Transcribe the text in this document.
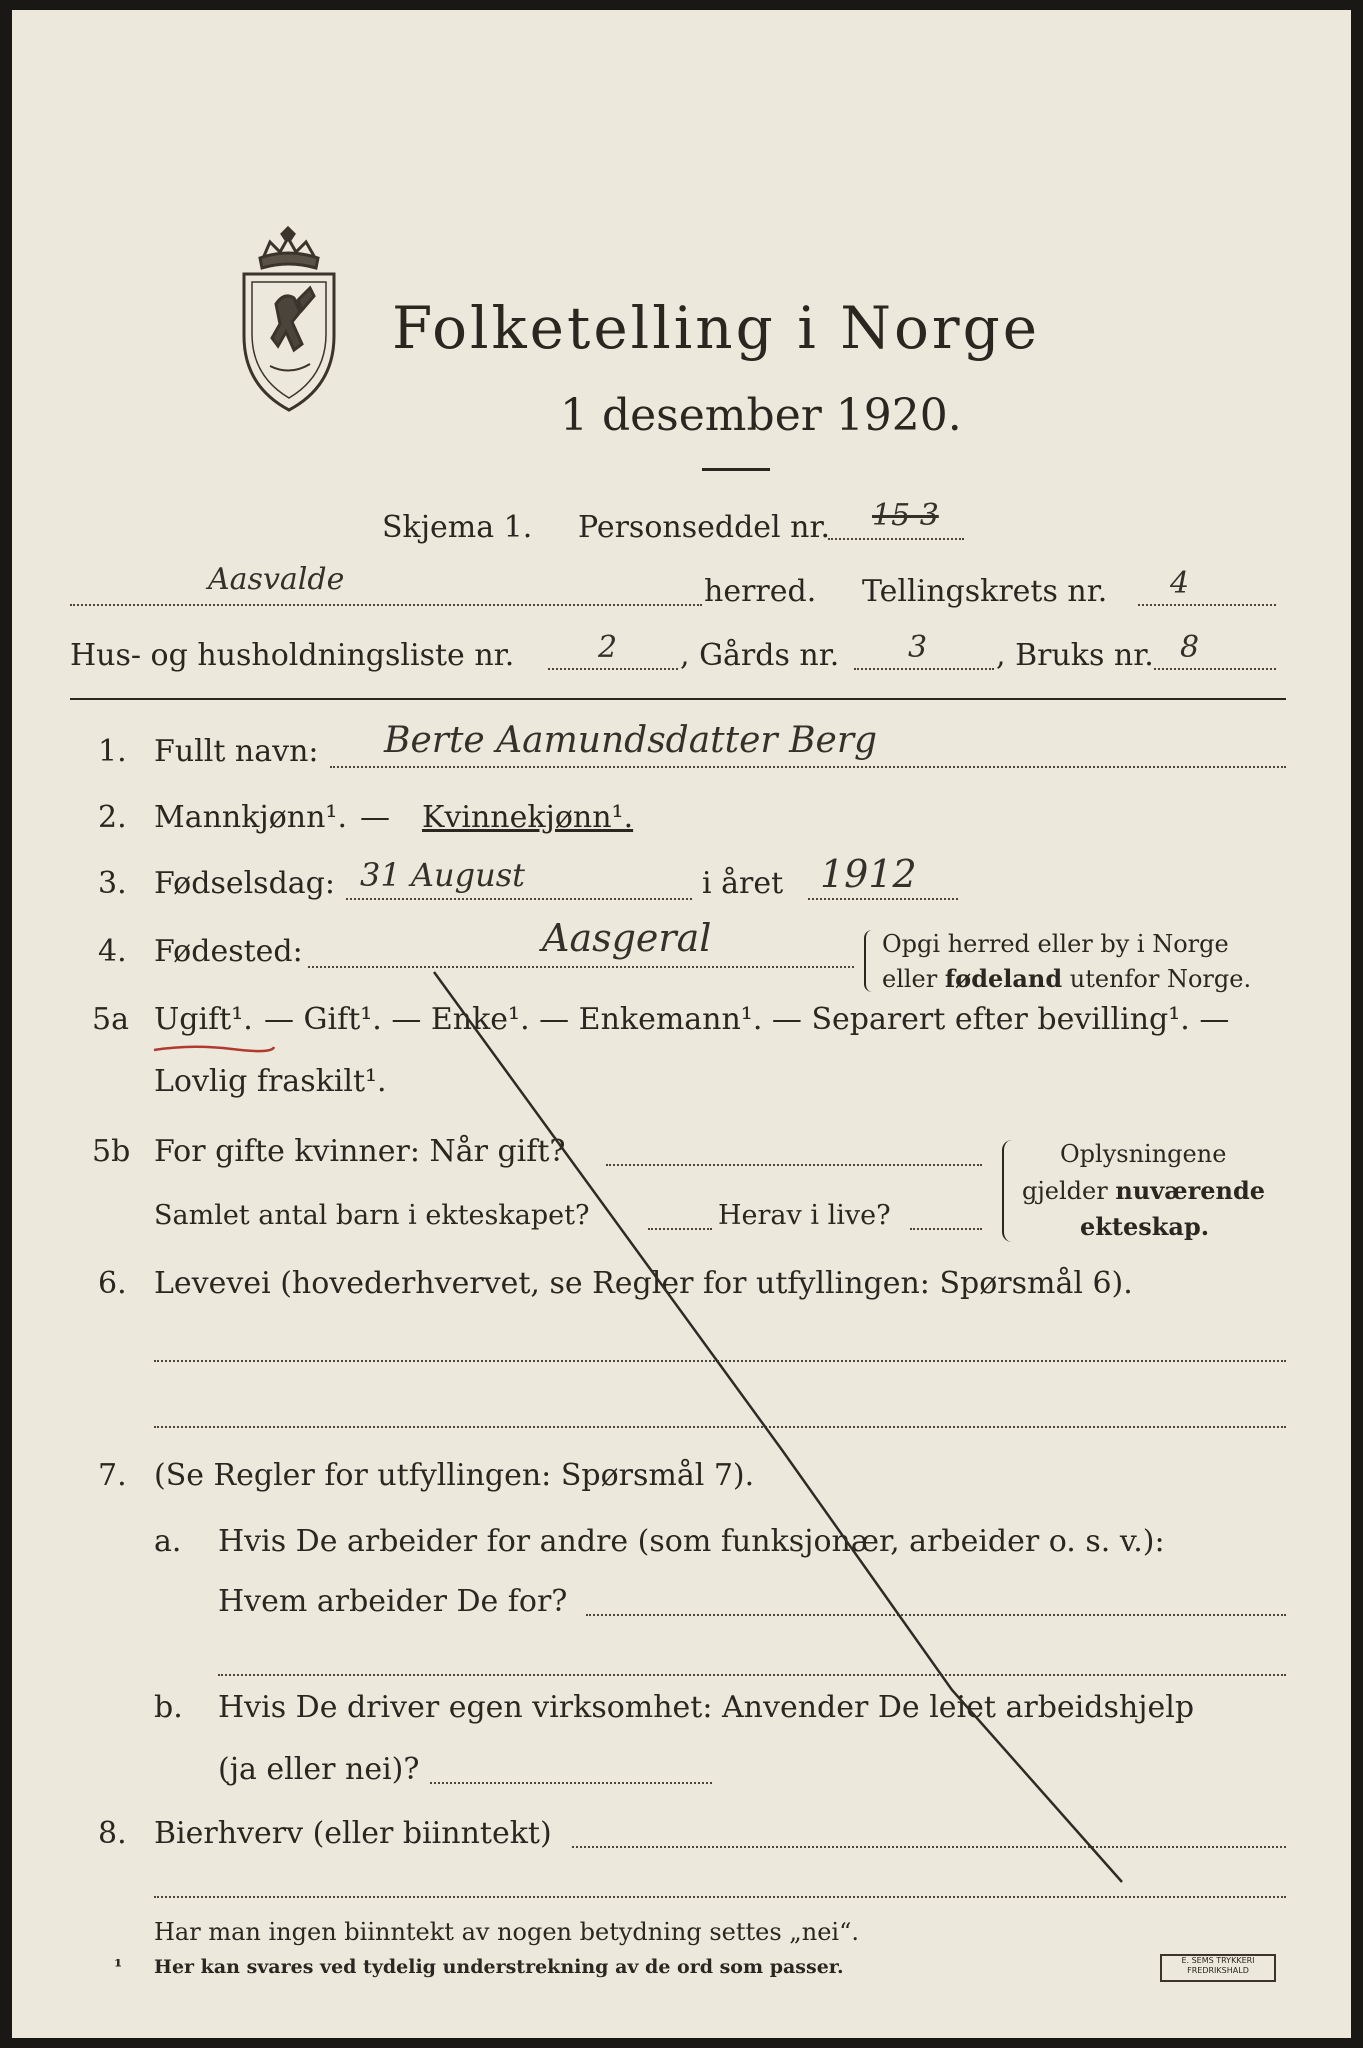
Folketelling i Norge
1 desember 1920.
Skjema 1. Personseddel nr. 15 3
Aasvalde	herred. Tellingskrets nr. 4
Hus- og husholdningsliste nr.	2 , Gårds nr. 3 , Bruks nr. 8
1. Fullt navn: Berte Aamundsdatter Berg
2. Mannkjønn¹. — Kvinnekjønn¹.
3. Fødselsdag: 31 August	i året 1912
4. Fødested:	Aasgeral	Opgi herred eller by i Norge
eller fødeland utenfor Norge.
5a Ugift¹. — Gift¹. — Enke¹. — Enkemann¹. — Separert efter bevilling¹. —
Lovlig fraskilt¹.
5b For gifte kvinner: Når gift?
Samlet antal barn i ekteskapet?	Herav i live?
Oplysningene
gjelder nuværende
ekteskap.
6. Levevei (hovederhvervet, se Regler for utfyllingen: Spørsmål 6).
7. (Se Regler for utfyllingen: Spørsmål 7).
a. Hvis De arbeider for andre (som funksjonær, arbeider o. s. v.):
Hvem arbeider De for?
b. Hvis De driver egen virksomhet: Anvender De leiet arbeidshjelp
(ja eller nei)?
8. Bierhverv (eller biinntekt)
Har man ingen biinntekt av nogen betydning settes „nei“.
¹ Her kan svares ved tydelig understrekning av de ord som passer.	E. SEMS TRYKKERI FREDRIKSHALD
